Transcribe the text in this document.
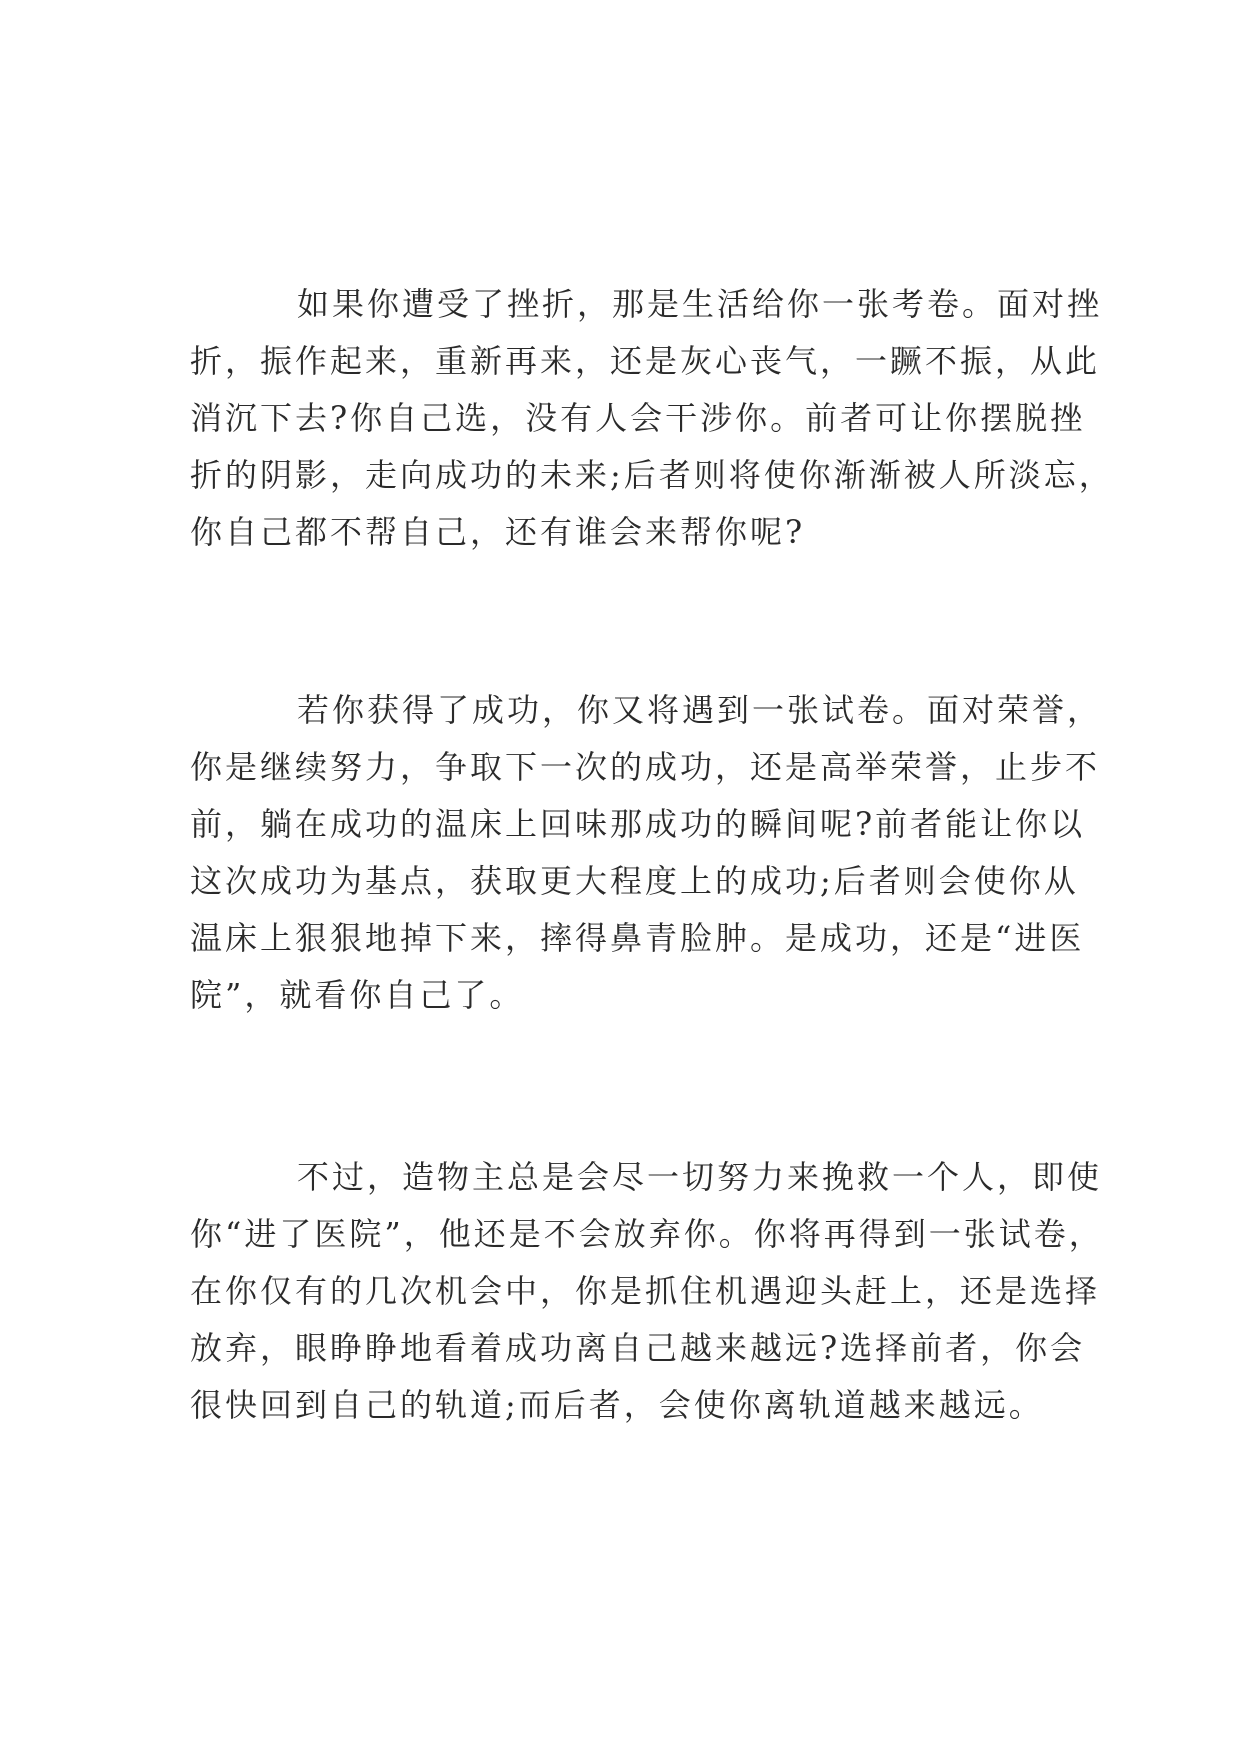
如果你遭受了挫折，那是生活给你一张考卷。面对挫
折，振作起来，重新再来，还是灰心丧气，一蹶不振，从此
消沉下去?你自己选，没有人会干涉你。前者可让你摆脱挫
折的阴影，走向成功的未来;后者则将使你渐渐被人所淡忘，
你自己都不帮自己，还有谁会来帮你呢?

若你获得了成功，你又将遇到一张试卷。面对荣誉，
你是继续努力，争取下一次的成功，还是高举荣誉，止步不
前，躺在成功的温床上回味那成功的瞬间呢?前者能让你以
这次成功为基点，获取更大程度上的成功;后者则会使你从
温床上狠狠地掉下来，摔得鼻青脸肿。是成功，还是“进医
院”，就看你自己了。

不过，造物主总是会尽一切努力来挽救一个人，即使
你“进了医院”，他还是不会放弃你。你将再得到一张试卷，
在你仅有的几次机会中，你是抓住机遇迎头赶上，还是选择
放弃，眼睁睁地看着成功离自己越来越远?选择前者，你会
很快回到自己的轨道;而后者，会使你离轨道越来越远。
